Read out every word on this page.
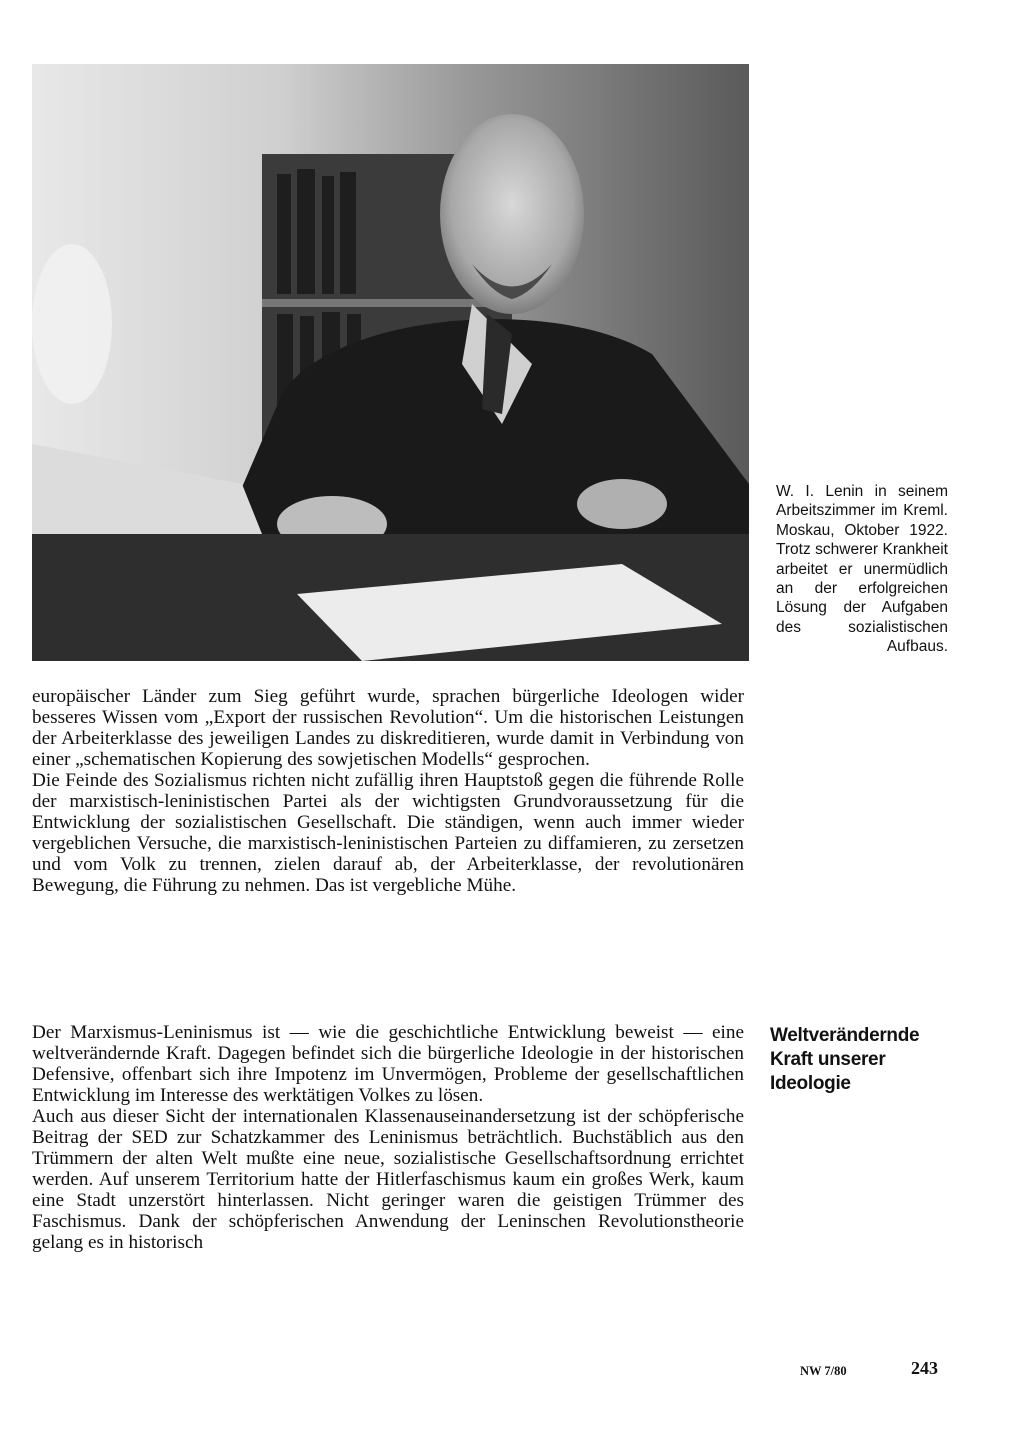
W. I. Lenin in seinem Arbeitszimmer im Kreml. Moskau, Oktober 1922. Trotz schwerer Krankheit arbeitet er unermüdlich an der erfolgreichen Lösung der Aufgaben des sozialistischen Aufbaus.

europäischer Länder zum Sieg geführt wurde, sprachen bürgerliche Ideologen wider besseres Wissen vom „Export der russischen Revolution“. Um die historischen Leistungen der Arbeiterklasse des jeweiligen Landes zu diskreditieren, wurde damit in Verbindung von einer „schematischen Kopierung des sowjetischen Modells“ gesprochen.

Die Feinde des Sozialismus richten nicht zufällig ihren Hauptstoß gegen die führende Rolle der marxistisch-leninistischen Partei als der wichtigsten Grundvoraussetzung für die Entwicklung der sozialistischen Gesellschaft. Die ständigen, wenn auch immer wieder vergeblichen Versuche, die marxistisch-leninistischen Parteien zu diffamieren, zu zersetzen und vom Volk zu trennen, zielen darauf ab, der Arbeiterklasse, der revolutionären Bewegung, die Führung zu nehmen. Das ist vergebliche Mühe.

Weltverändernde Kraft unserer Ideologie

Der Marxismus-Leninismus ist — wie die geschichtliche Entwicklung beweist — eine weltverändernde Kraft. Dagegen befindet sich die bürgerliche Ideologie in der historischen Defensive, offenbart sich ihre Impotenz im Unvermögen, Probleme der gesellschaftlichen Entwicklung im Interesse des werktätigen Volkes zu lösen.

Auch aus dieser Sicht der internationalen Klassenauseinandersetzung ist der schöpferische Beitrag der SED zur Schatzkammer des Leninismus beträchtlich. Buchstäblich aus den Trümmern der alten Welt mußte eine neue, sozialistische Gesellschaftsordnung errichtet werden. Auf unserem Territorium hatte der Hitlerfaschismus kaum ein großes Werk, kaum eine Stadt unzerstört hinterlassen. Nicht geringer waren die geistigen Trümmer des Faschismus. Dank der schöpferischen Anwendung der Leninschen Revolutionstheorie gelang es in historisch

NW 7/80	243
